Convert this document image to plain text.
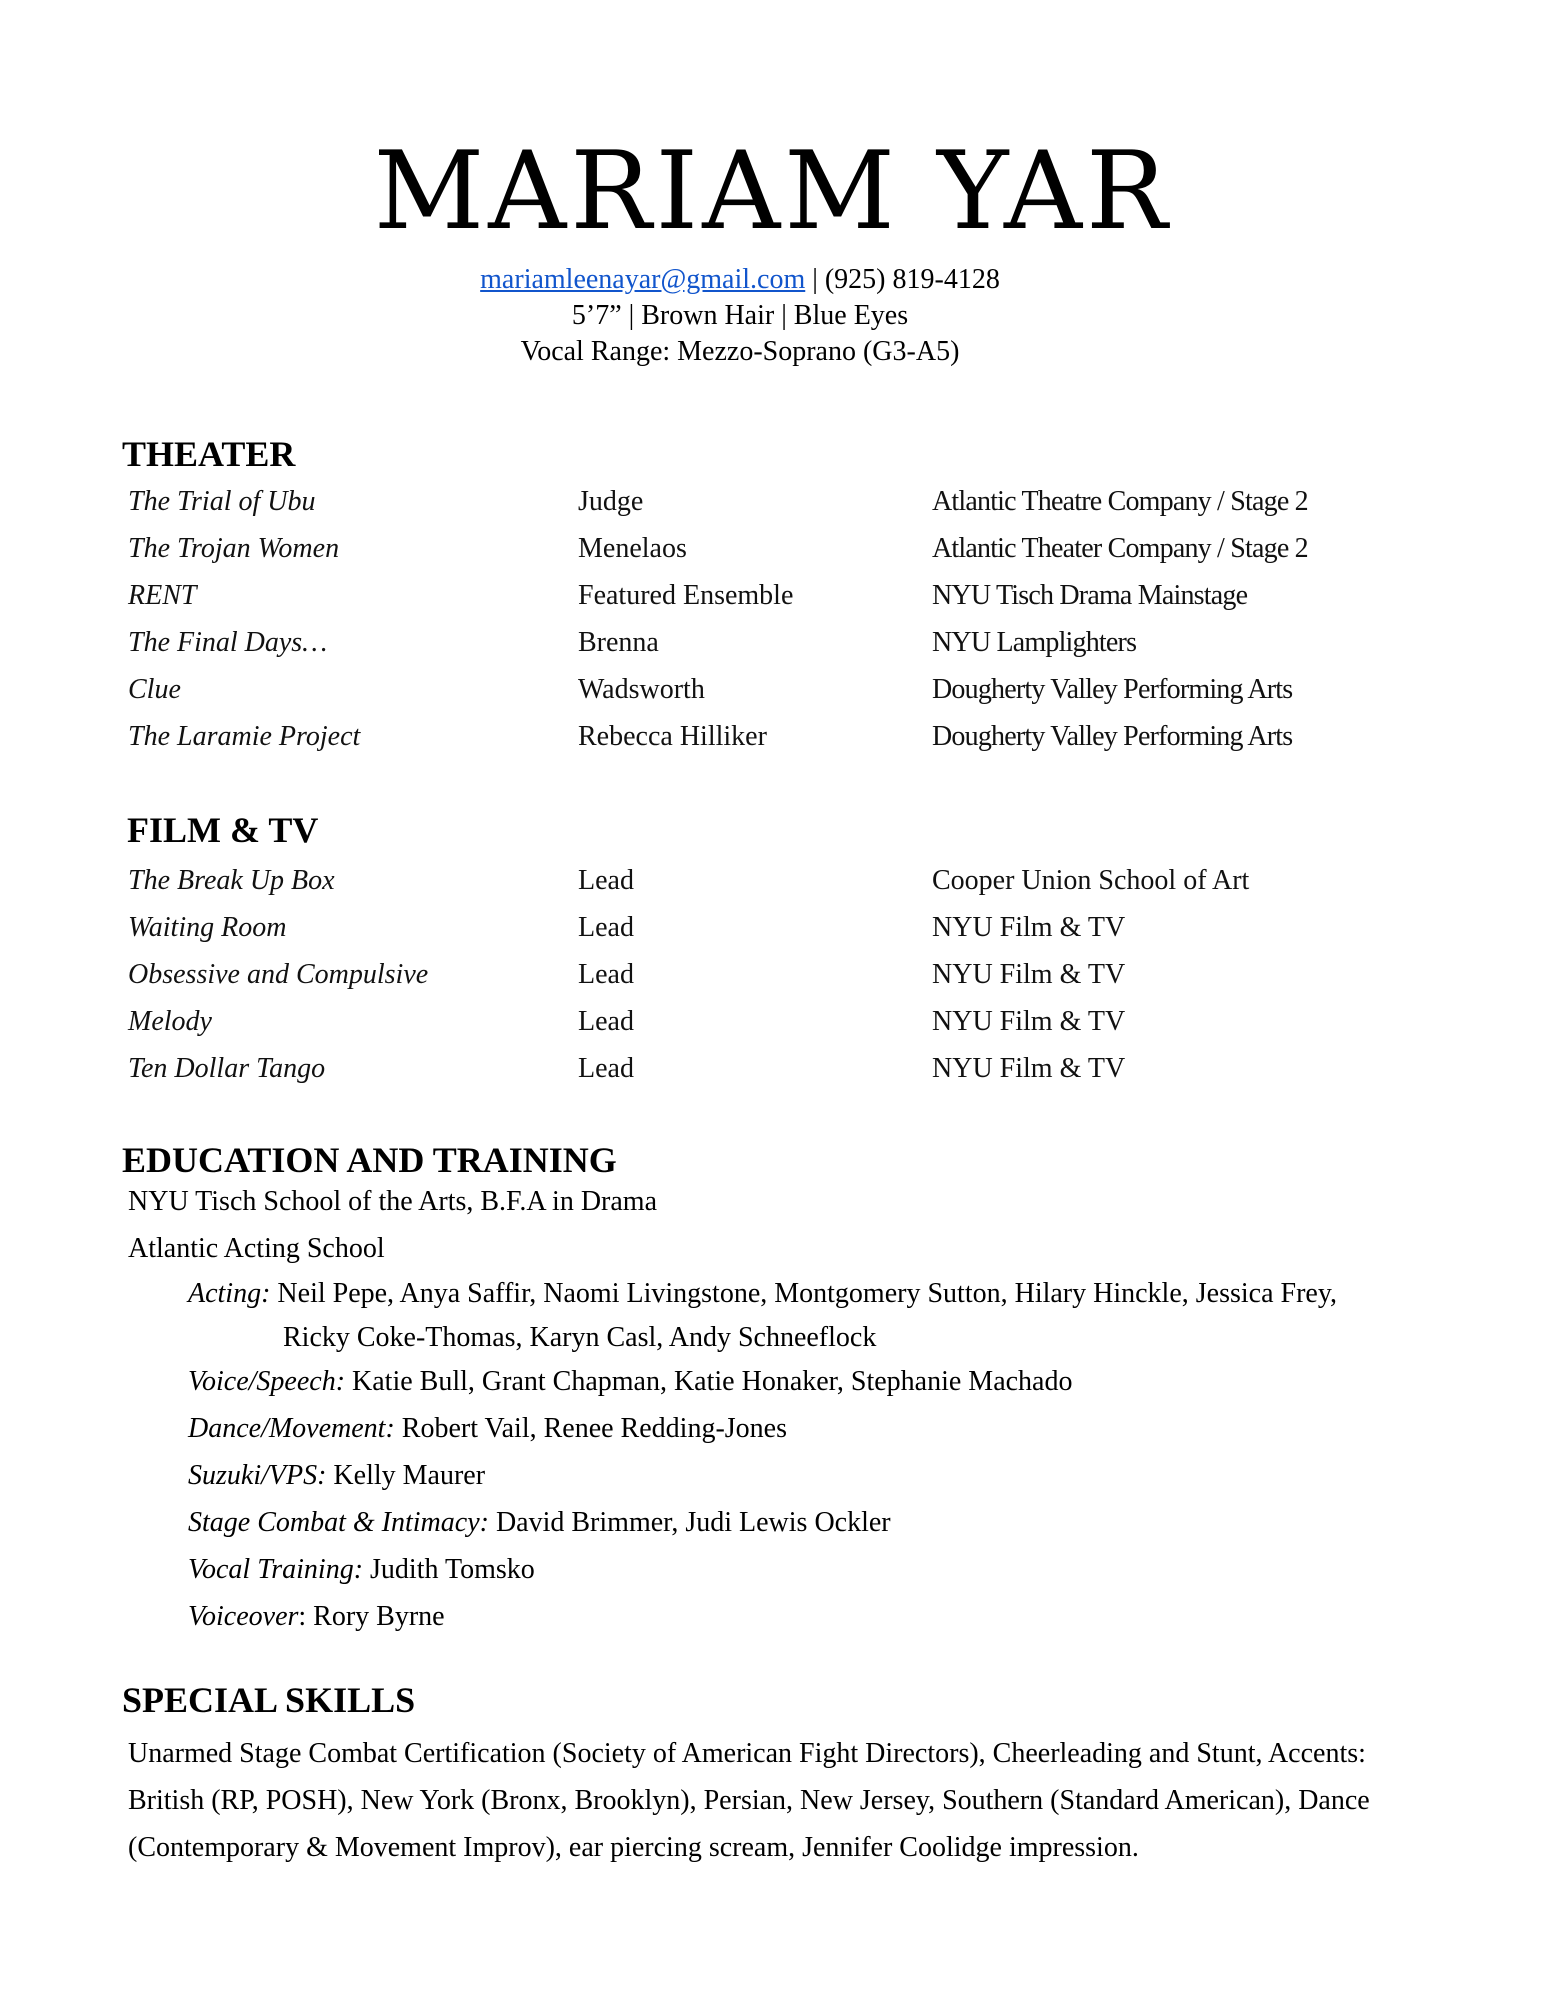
MARIAM YAR
mariamleenayar@gmail.com | (925) 819-4128
5’7” | Brown Hair | Blue Eyes
Vocal Range: Mezzo-Soprano (G3-A5)
THEATER
The Trial of Ubu	Judge	Atlantic Theatre Company / Stage 2
The Trojan Women	Menelaos	Atlantic Theater Company / Stage 2
RENT	Featured Ensemble	NYU Tisch Drama Mainstage
The Final Days…	Brenna	NYU Lamplighters
Clue	Wadsworth	Dougherty Valley Performing Arts
The Laramie Project	Rebecca Hilliker	Dougherty Valley Performing Arts
FILM & TV
The Break Up Box	Lead	Cooper Union School of Art
Waiting Room	Lead	NYU Film & TV
Obsessive and Compulsive	Lead	NYU Film & TV
Melody	Lead	NYU Film & TV
Ten Dollar Tango	Lead	NYU Film & TV
EDUCATION AND TRAINING
NYU Tisch School of the Arts, B.F.A in Drama
Atlantic Acting School
Acting: Neil Pepe, Anya Saffir, Naomi Livingstone, Montgomery Sutton, Hilary Hinckle, Jessica Frey,
Ricky Coke-Thomas, Karyn Casl, Andy Schneeflock
Voice/Speech: Katie Bull, Grant Chapman, Katie Honaker, Stephanie Machado
Dance/Movement: Robert Vail, Renee Redding-Jones
Suzuki/VPS: Kelly Maurer
Stage Combat & Intimacy: David Brimmer, Judi Lewis Ockler
Vocal Training: Judith Tomsko
Voiceover: Rory Byrne
SPECIAL SKILLS
Unarmed Stage Combat Certification (Society of American Fight Directors), Cheerleading and Stunt, Accents: British (RP, POSH), New York (Bronx, Brooklyn), Persian, New Jersey, Southern (Standard American), Dance (Contemporary & Movement Improv), ear piercing scream, Jennifer Coolidge impression.
